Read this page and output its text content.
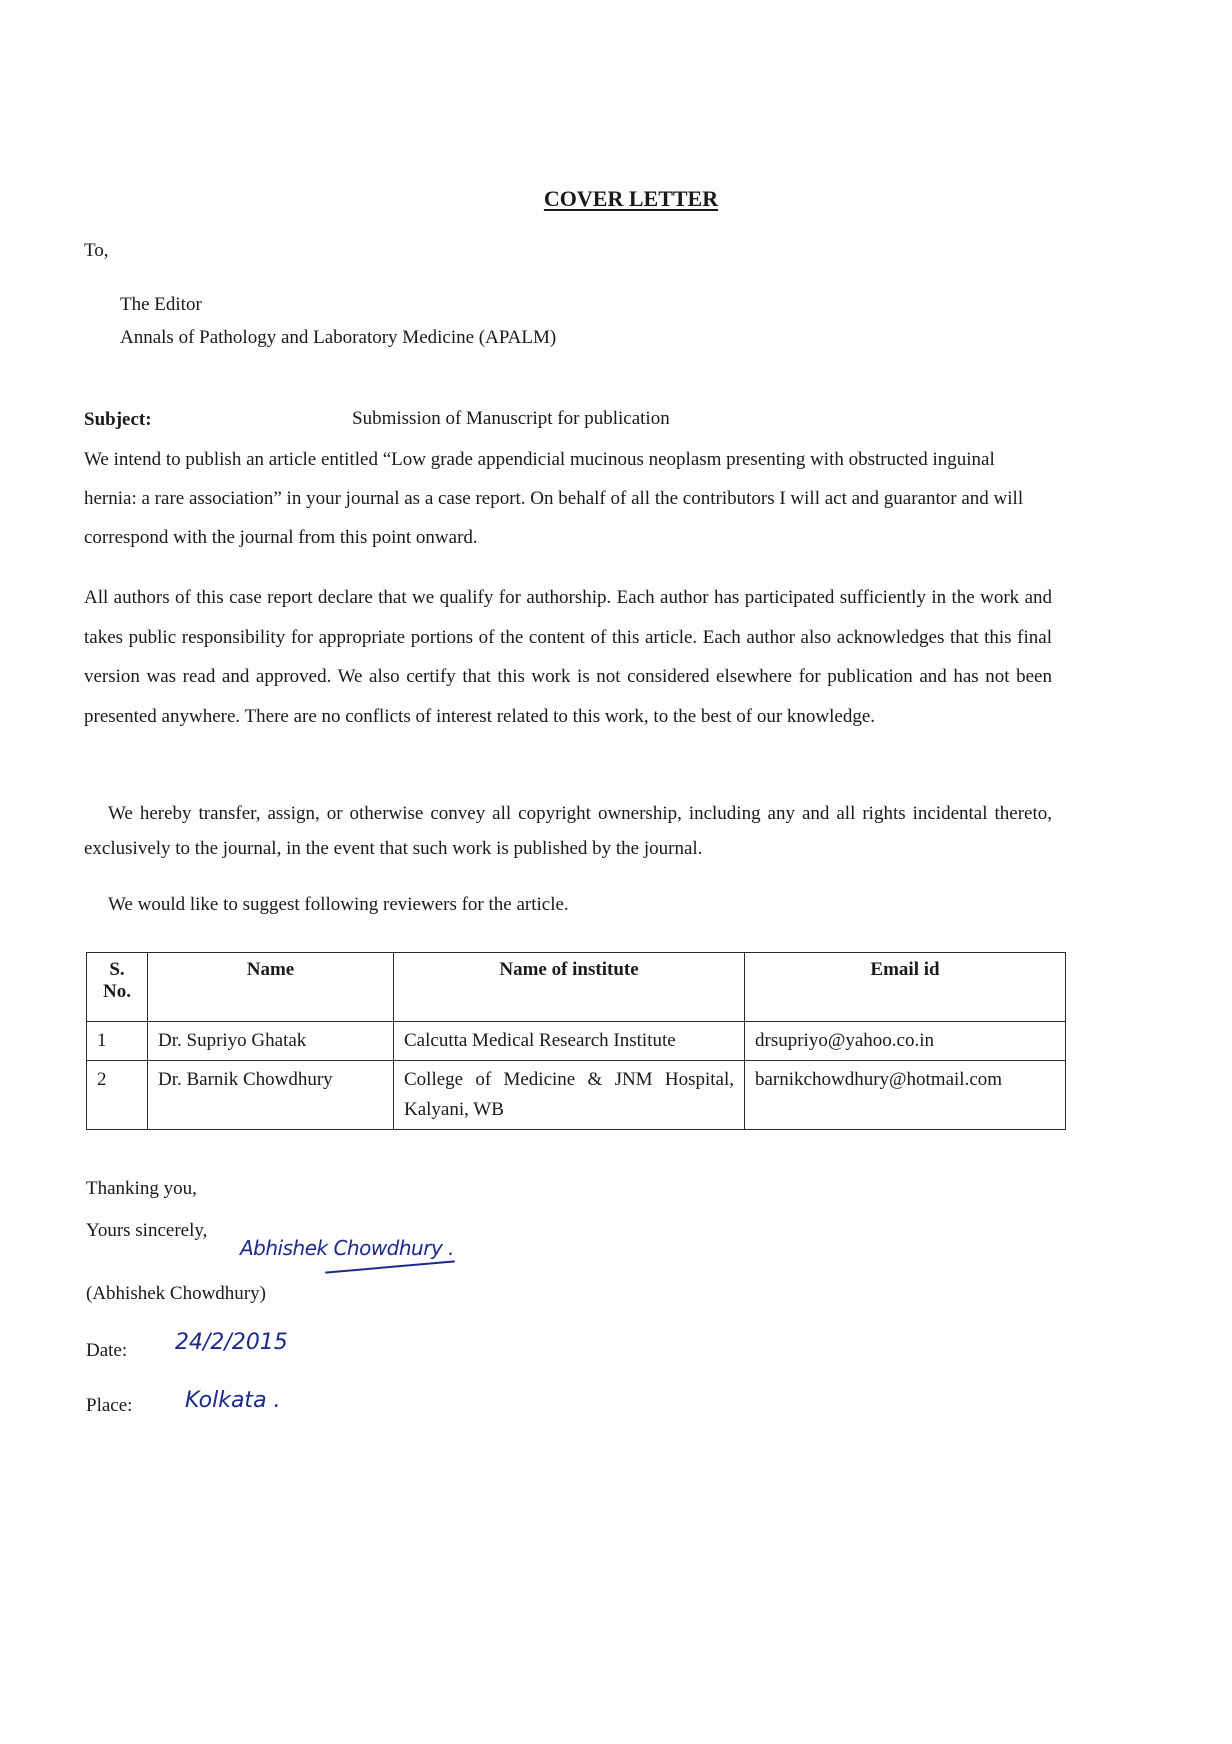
COVER LETTER
To,
The Editor
Annals of Pathology and Laboratory Medicine (APALM)
Subject:	Submission of Manuscript for publication
We intend to publish an article entitled “Low grade appendicial mucinous neoplasm presenting with obstructed inguinal hernia: a rare association” in your journal as a case report. On behalf of all the contributors I will act and guarantor and will correspond with the journal from this point onward.
All authors of this case report declare that we qualify for authorship. Each author has participated sufficiently in the work and takes public responsibility for appropriate portions of the content of this article. Each author also acknowledges that this final version was read and approved. We also certify that this work is not considered elsewhere for publication and has not been presented anywhere. There are no conflicts of interest related to this work, to the best of our knowledge.
We hereby transfer, assign, or otherwise convey all copyright ownership, including any and all rights incidental thereto, exclusively to the journal, in the event that such work is published by the journal.
We would like to suggest following reviewers for the article.
S. No.	Name	Name of institute	Email id
1	Dr. Supriyo Ghatak	Calcutta Medical Research Institute	drsupriyo@yahoo.co.in
2	Dr. Barnik Chowdhury	College of Medicine & JNM Hospital, Kalyani, WB	barnikchowdhury@hotmail.com
Thanking you,
Yours sincerely,
Abhishek Chowdhury .
(Abhishek Chowdhury)
Date: 24/2/2015
Place: Kolkata .
